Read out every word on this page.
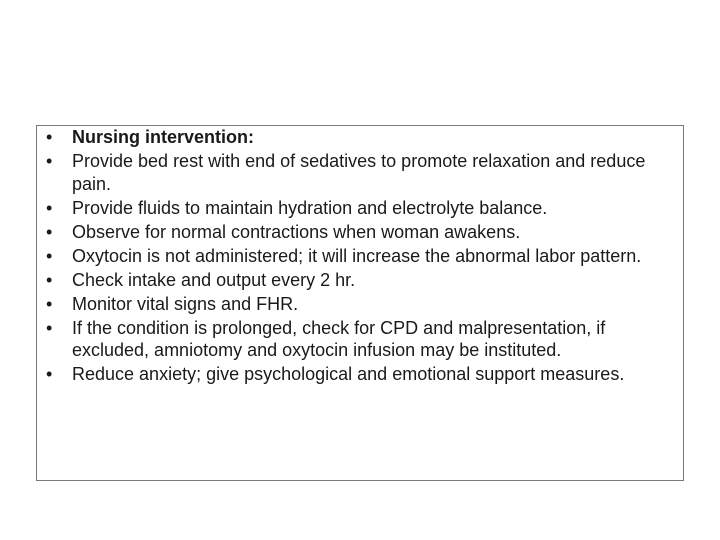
Nursing intervention:
Provide bed rest with end of sedatives to promote relaxation and reduce pain.
Provide fluids to maintain hydration and electrolyte balance.
Observe for normal contractions when woman awakens.
Oxytocin is not administered; it will increase the abnormal labor pattern.
Check intake and output every 2 hr.
Monitor vital signs and FHR.
If the condition is prolonged, check for CPD and malpresentation, if excluded, amniotomy and oxytocin infusion may be instituted.
Reduce anxiety; give psychological and emotional support measures.
